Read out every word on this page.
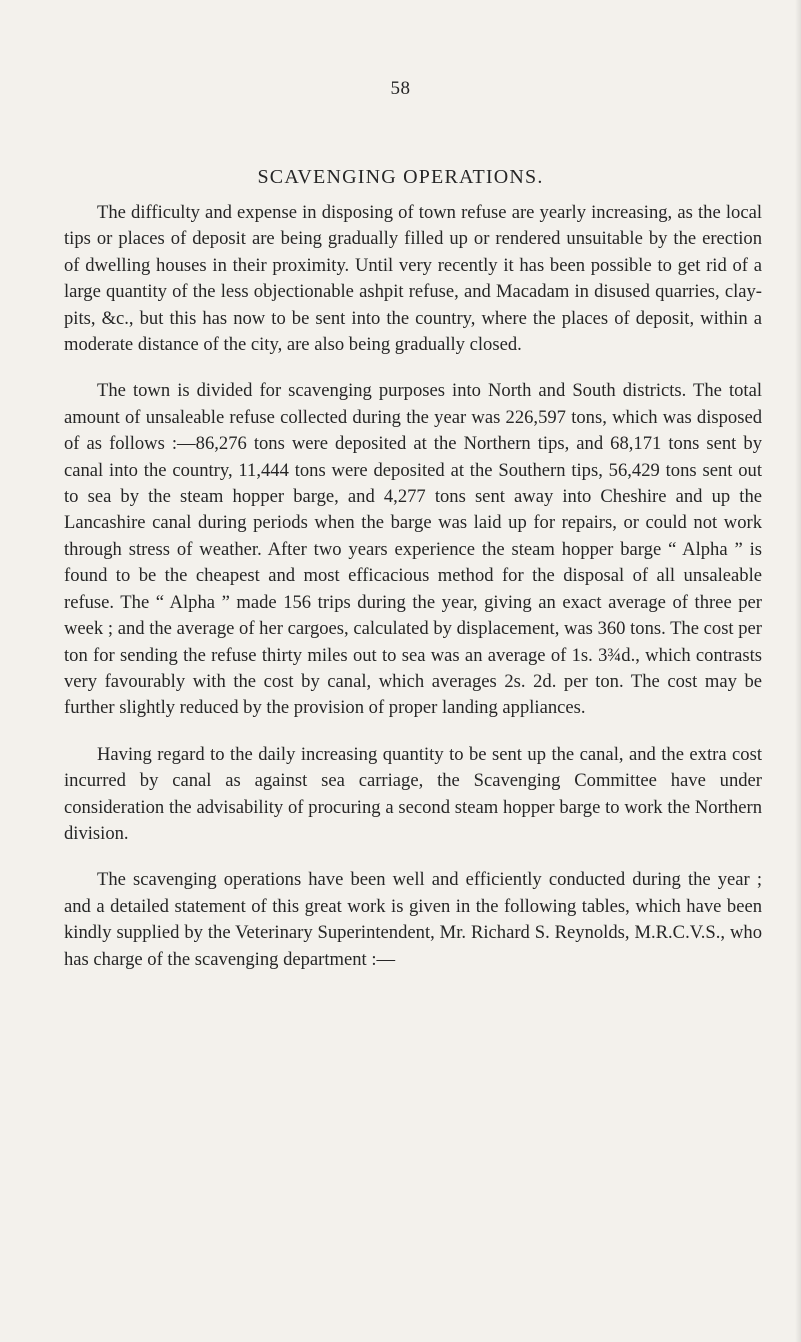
58
SCAVENGING OPERATIONS.

The difficulty and expense in disposing of town refuse are yearly increasing, as the local tips or places of deposit are being gradually filled up or rendered unsuitable by the erection of dwelling houses in their proximity. Until very recently it has been possible to get rid of a large quantity of the less objectionable ashpit refuse, and Macadam in disused quarries, clay-pits, &c., but this has now to be sent into the country, where the places of deposit, within a moderate distance of the city, are also being gradually closed.

The town is divided for scavenging purposes into North and South districts. The total amount of unsaleable refuse collected during the year was 226,597 tons, which was disposed of as follows :—86,276 tons were deposited at the Northern tips, and 68,171 tons sent by canal into the country, 11,444 tons were deposited at the Southern tips, 56,429 tons sent out to sea by the steam hopper barge, and 4,277 tons sent away into Cheshire and up the Lancashire canal during periods when the barge was laid up for repairs, or could not work through stress of weather. After two years experience the steam hopper barge “ Alpha ” is found to be the cheapest and most efficacious method for the disposal of all unsaleable refuse. The “ Alpha ” made 156 trips during the year, giving an exact average of three per week ; and the average of her cargoes, calculated by displacement, was 360 tons. The cost per ton for sending the refuse thirty miles out to sea was an average of 1s. 3¾d., which contrasts very favourably with the cost by canal, which averages 2s. 2d. per ton. The cost may be further slightly reduced by the provision of proper landing appliances.

Having regard to the daily increasing quantity to be sent up the canal, and the extra cost incurred by canal as against sea carriage, the Scavenging Committee have under consideration the advisability of procuring a second steam hopper barge to work the Northern division.

The scavenging operations have been well and efficiently conducted during the year ; and a detailed statement of this great work is given in the following tables, which have been kindly supplied by the Veterinary Superintendent, Mr. Richard S. Reynolds, M.R.C.V.S., who has charge of the scavenging department :—
